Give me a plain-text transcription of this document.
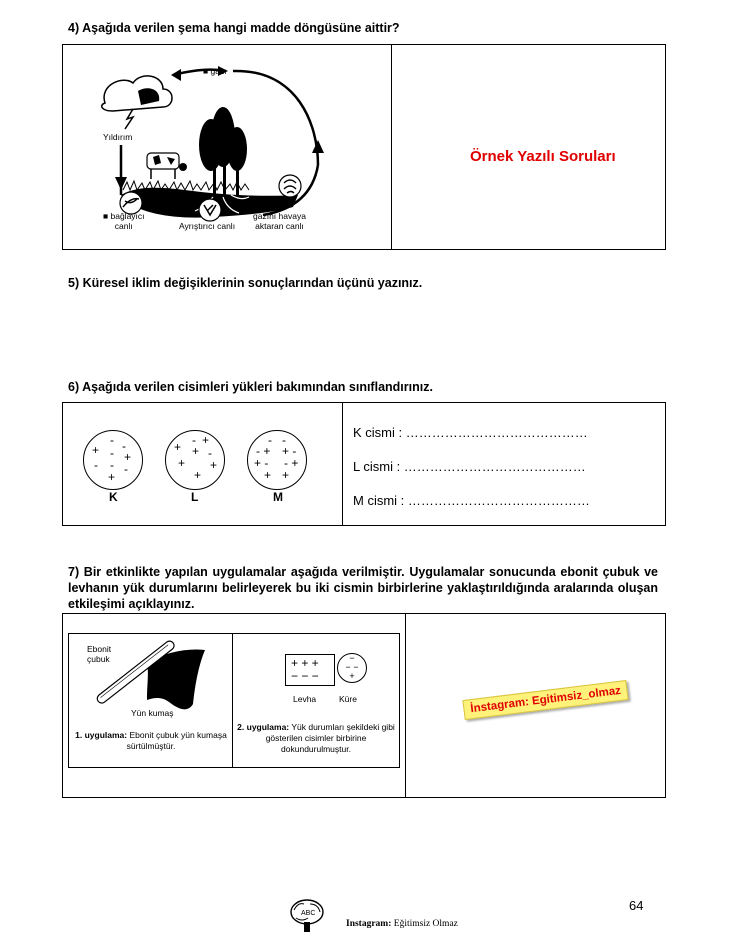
4) Aşağıda verilen şema hangi madde döngüsüne aittir?
■ gazı
Yıldırım
■ bağlayıcı
canlı	Ayrıştırıcı canlı
■
gazını havaya
aktaran canlı
Örnek Yazılı Soruları
5) Küresel iklim değişiklerinin sonuçlarından üçünü yazınız.
6) Aşağıda verilen cisimleri yükleri bakımından sınıflandırınız.
- -
+ - +
- - -
+
K
- +
+ + -
+ +
+
L
- -
- + + -
+ - - +
+ +
M
K cismi : ……………………………………
L cismi : ……………………………………
M cismi : ……………………………………
7) Bir etkinlikte yapılan uygulamalar aşağıda verilmiştir. Uygulamalar sonucunda ebonit çubuk ve levhanın yük durumlarını belirleyerek bu iki cismin birbirlerine yaklaştırıldığında aralarında oluşan etkileşimi açıklayınız.
Ebonit
çubuk
Yün kumaş
1. uygulama: Ebonit çubuk yün kumaşa sürtülmüştür.
+ + +
− − −
−
− −
+
Levha	Küre
2. uygulama: Yük durumları şekildeki gibi gösterilen cisimler birbirine dokundurulmuştur.
İnstagram: Egitimsiz_olmaz
64
ABC
Instagram: Eğitimsiz Olmaz
